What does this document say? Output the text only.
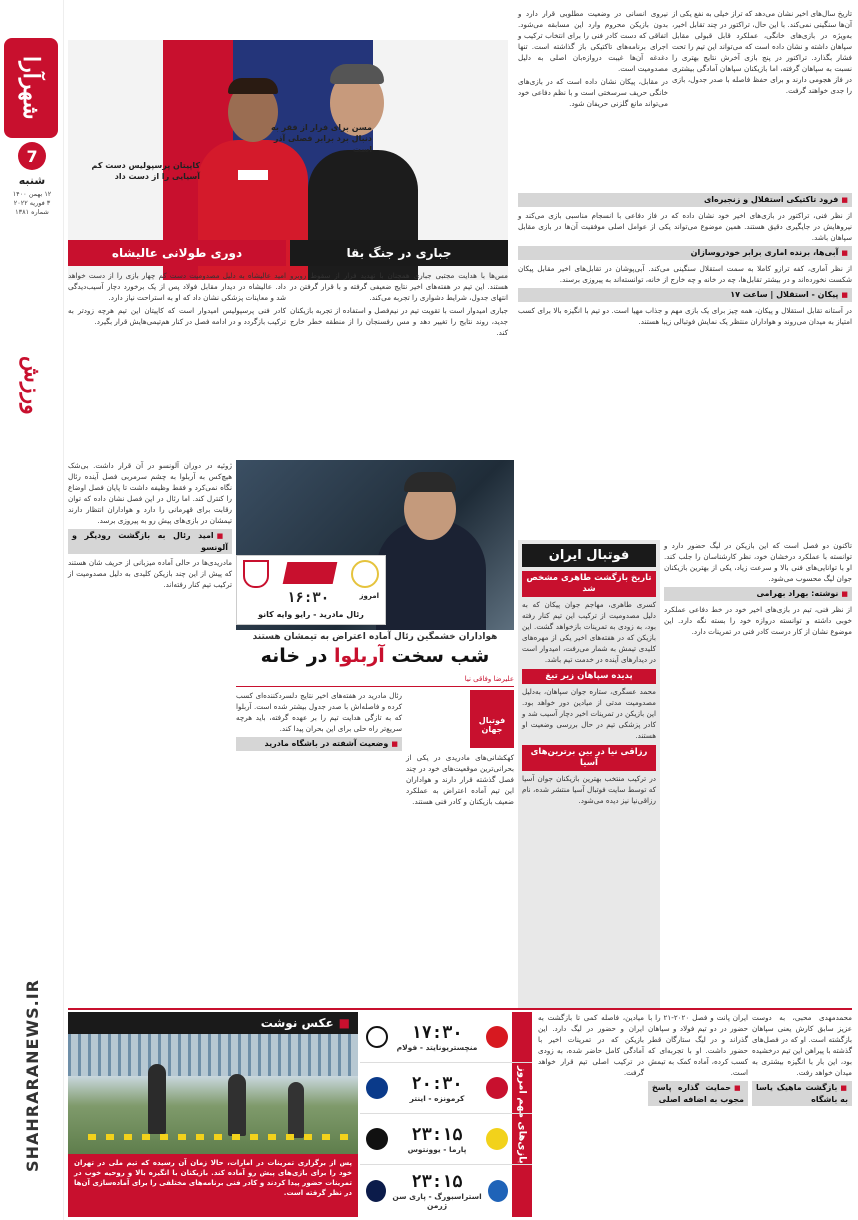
شهرآرا
7
شنبه
۱۲ بهمن ۱۴۰۰
۳ فوریه ۲۰۲۲
شماره ۱۳۸۱
ورزش
SHAHRARANEWS.IR
مسن برای فرار از فقر به دنبال برد برابر فصلی آذر است
کاپیتان پرسپولیس دست کم آسیایی را از دست داد
جباری در جنگ بقا
دوری طولانی عالیشاه

تاریخ سال‌های اخیر نشان می‌دهد که تراز خیلی به نفع یکی از آن‌ها سنگینی نمی‌کند. با این حال، تراکتور در چند تقابل اخیر، به‌ویژه در بازی‌های خانگی، عملکرد قابل قبولی مقابل سپاهان داشته و نشان داده است که می‌تواند این تیم را تحت فشار بگذارد. تراکتور در پنج بازی آخرش نتایج بهتری را نسبت به سپاهان گرفته، اما بازیکنان سپاهان آمادگی بیشتری در فاز هجومی دارند و برای حفظ فاصله با صدر جدول، بازی را جدی خواهند گرفت.

نیروی انسانی در وضعیت مطلوبی قرار دارد و بدون بازیکن محروم وارد این مسابقه می‌شود. اتفاقی که دست کادر فنی را برای انتخاب ترکیب و اجرای برنامه‌های تاکتیکی باز گذاشته است. تنها دغدغه آن‌ها غیبت دروازه‌بان اصلی به دلیل مصدومیت است.

در مقابل، پیکان نشان داده است که در بازی‌های خانگی حریف سرسختی است و با نظم دفاعی خود می‌تواند مانع گلزنی حریفان شود.

■ فرود تاکتیکی استقلال و زنجیره‌ای

از نظر فنی، تراکتور در بازی‌های اخیر خود نشان داده که در فاز دفاعی با انسجام مناسبی بازی می‌کند و نیروهایش در جایگیری دقیق هستند. همین موضوع می‌تواند یکی از عوامل اصلی موفقیت آن‌ها در بازی مقابل سپاهان باشد.

■ آبی‌ها، برنده اماری برابر خودروسازان

از نظر آماری، کفه ترازو کاملا به سمت استقلال سنگینی می‌کند. آبی‌پوشان در تقابل‌های اخیر مقابل پیکان شکست نخورده‌اند و در بیشتر تقابل‌ها، چه در خانه و چه خارج از خانه، توانسته‌اند به پیروزی برسند.

■ پیکان - استقلال | ساعت ۱۷

در آستانه تقابل استقلال و پیکان، همه چیز برای یک بازی مهم و جذاب مهیا است. دو تیم با انگیزه بالا برای کسب امتیاز به میدان می‌روند و هواداران منتظر یک نمایش فوتبالی زیبا هستند.

مس‌ها با هدایت مجتبی جباری همچنان با تهدید فرار از سقوط روبرو هستند. این تیم در هفته‌های اخیر نتایج ضعیفی گرفته و با قرار گرفتن در انتهای جدول، شرایط دشواری را تجربه می‌کند.

جباری امیدوار است با تقویت تیم در نیم‌فصل و استفاده از تجربه بازیکنان جدید، روند نتایج را تغییر دهد و مس رفسنجان را از منطقه خطر خارج کند.

امید عالیشاه به دلیل مصدومیت دست کم چهار بازی را از دست خواهد داد. عالیشاه در دیدار مقابل فولاد پس از یک برخورد دچار آسیب‌دیدگی شد و معاینات پزشکی نشان داد که او به استراحت نیاز دارد.

کادر فنی پرسپولیس امیدوار است که کاپیتان این تیم هرچه زودتر به ترکیب بازگردد و در ادامه فصل در کنار هم‌تیمی‌هایش قرار بگیرد.

امروز
۱۶:۳۰
رئال مادرید - رایو وایه کانو
هواداران خشمگین رئال آماده اعتراض به تیمشان هستند
شب سخت آربلوا در خانه
علیرضا وفاقی نیا
فوتبال جهان

کهکشانی‌های مادریدی در یکی از بحرانی‌ترین موقعیت‌های خود در چند فصل گذشته قرار دارند و هواداران این تیم آماده اعتراض به عملکرد ضعیف بازیکنان و کادر فنی هستند.

رئال مادرید در هفته‌های اخیر نتایج دلسردکننده‌ای کسب کرده و فاصله‌اش با صدر جدول بیشتر شده است. آربلوا که به تازگی هدایت تیم را بر عهده گرفته، باید هرچه سریع‌تر راه حلی برای این بحران پیدا کند.

■ وضعیت آشفته در باشگاه مادرید

ژوئیه در دوران آلونسو در آن قرار داشت. بی‌شک هیچ‌کس به آربلوا به چشم سرمربی فصل آینده رئال نگاه نمی‌کرد و فقط وظیفه داشت تا پایان فصل اوضاع را کنترل کند. اما رئال در این فصل نشان داده که توان رقابت برای قهرمانی را دارد و هواداران انتظار دارند تیمشان در بازی‌های پیش رو به پیروزی برسد.

■ امید رئال به بازگشت رودیگر و آلونسو

مادریدی‌ها در حالی آماده میزبانی از حریف شان هستند که پیش از این چند بازیکن کلیدی به دلیل مصدومیت از ترکیب تیم کنار رفته‌اند.

فوتبال ایران
تاریخ بازگشت طاهری مشخص شد

کسری طاهری، مهاجم جوان پیکان که به دلیل مصدومیت از ترکیب این تیم کنار رفته بود، به زودی به تمرینات بازخواهد گشت. این بازیکن که در هفته‌های اخیر یکی از مهره‌های کلیدی تیمش به شمار می‌رفت، امیدوار است در دیدارهای آینده در خدمت تیم باشد.

پدیده سپاهان زیر تیغ

محمد عسگری، ستاره جوان سپاهان، به‌دلیل مصدومیت مدتی از میادین دور خواهد بود. این بازیکن در تمرینات اخیر دچار آسیب شد و کادر پزشکی تیم در حال بررسی وضعیت او هستند.

رزاقی نیا در بین برترین‌های آسیا

در ترکیب منتخب بهترین بازیکنان جوان آسیا که توسط سایت فوتبال آسیا منتشر شده، نام رزاقی‌نیا نیز دیده می‌شود.

تاکنون دو فصل است که این بازیکن در لیگ حضور دارد و توانسته با عملکرد درخشان خود، نظر کارشناسان را جلب کند. او با توانایی‌های فنی بالا و سرعت زیاد، یکی از بهترین بازیکنان جوان لیگ محسوب می‌شود.

■ نوشته: بهراد بهرامی

از نظر فنی، تیم در بازی‌های اخیر خود در خط دفاعی عملکرد خوبی داشته و توانسته دروازه خود را بسته نگه دارد. این موضوع نشان از کار درست کادر فنی در تمرینات دارد.

محمدمهدی محبی، به دوست عزیز سابق کارش یعنی سپاهان بازگشته است. او که در فصل‌های گذشته با پیراهن این تیم درخشیده بود، این بار با انگیزه بیشتری به میدان خواهد رفت.

■ بازگشت ماهیک یاسا به باشگاه

ایران پانت و فصل ۲۰۲۰-۲۱ را با حضور در دو تیم فولاد و سپاهان گذراند و در لیگ ستارگان قطر حضور داشت. او با تجربه‌ای که کسب کرده، آماده کمک به تیمش است.

■ حمایت گذاره پاسخ مجوب به اضافه اصلی

میادین، فاصله کمی تا بازگشت به ایران و حضور در لیگ دارد. این بازیکن که در تمرینات اخیر با آمادگی کامل حاضر شده، به زودی در ترکیب اصلی تیم قرار خواهد گرفت.

بازی‌های مهم امروز
۱۷:۳۰
منچستریونایتد - فولام
۲۰:۳۰
کرمونزه - اینتر
۲۳:۱۵
پارما - یوونتوس
۲۳:۱۵
استراسبورگ - پاری سن ژرمن
■
عکس نوشت
پس از برگزاری تمرینات در امارات، حالا زمان آن رسیده که تیم ملی در تهران خود را برای بازی‌های پیش رو آماده کند. بازیکنان با انگیزه بالا و روحیه خوب در تمرینات حضور پیدا کردند و کادر فنی برنامه‌های مختلفی را برای آماده‌سازی آن‌ها در نظر گرفته است.
